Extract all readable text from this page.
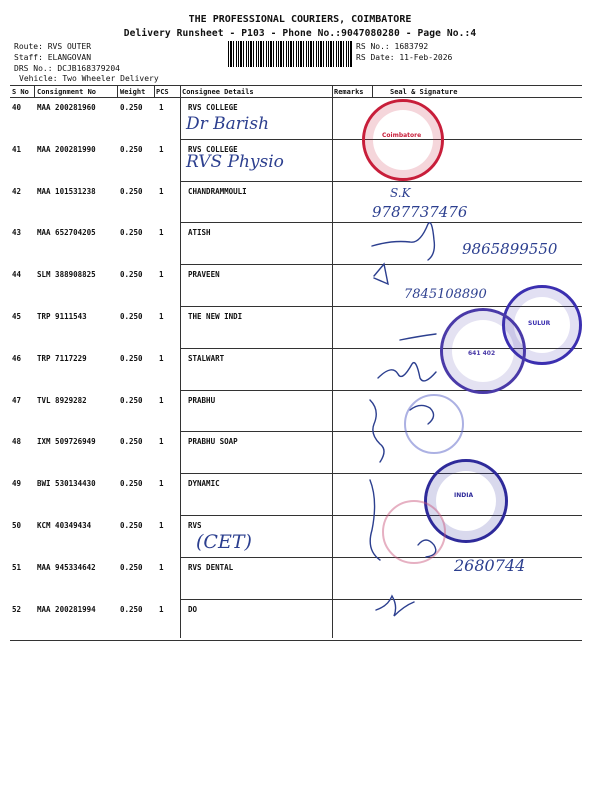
THE PROFESSIONAL COURIERS, COIMBATORE
Delivery Runsheet - P103 - Phone No.:9047080280 - Page No.:4
Route: RVS OUTER
Staff: ELANGOVAN
DRS No.: DCJB168379204
Vehicle: Two Wheeler Delivery
RS No.: 1683792
RS Date: 11-Feb-2026
S No Consignment No	Weight PCS Consignee Details	Remarks	Seal & Signature
40 MAA 200281960	0.250 1	RVS COLLEGE
41 MAA 200281990	0.250 1	RVS COLLEGE
42 MAA 101531238	0.250 1	CHANDRAMMOULI
43 MAA 652704205	0.250 1	ATISH
44 SLM 388908825	0.250 1	PRAVEEN
45 TRP 9111543	0.250 1	THE NEW INDI
46 TRP 7117229	0.250 1	STALWART
47 TVL 8929282	0.250 1	PRABHU
48 IXM 509726949	0.250 1	PRABHU SOAP
49 BWI 530134430	0.250 1	DYNAMIC
50 KCM 40349434	0.250 1	RVS
51 MAA 945334642	0.250 1	RVS DENTAL
52 MAA 200281994	0.250 1	DO
Dr Barish
RVS Physio
S.K
9787737476
9865899550
7845108890
(CET)
2680744
Coimbatore
SULUR
641 402
INDIA
